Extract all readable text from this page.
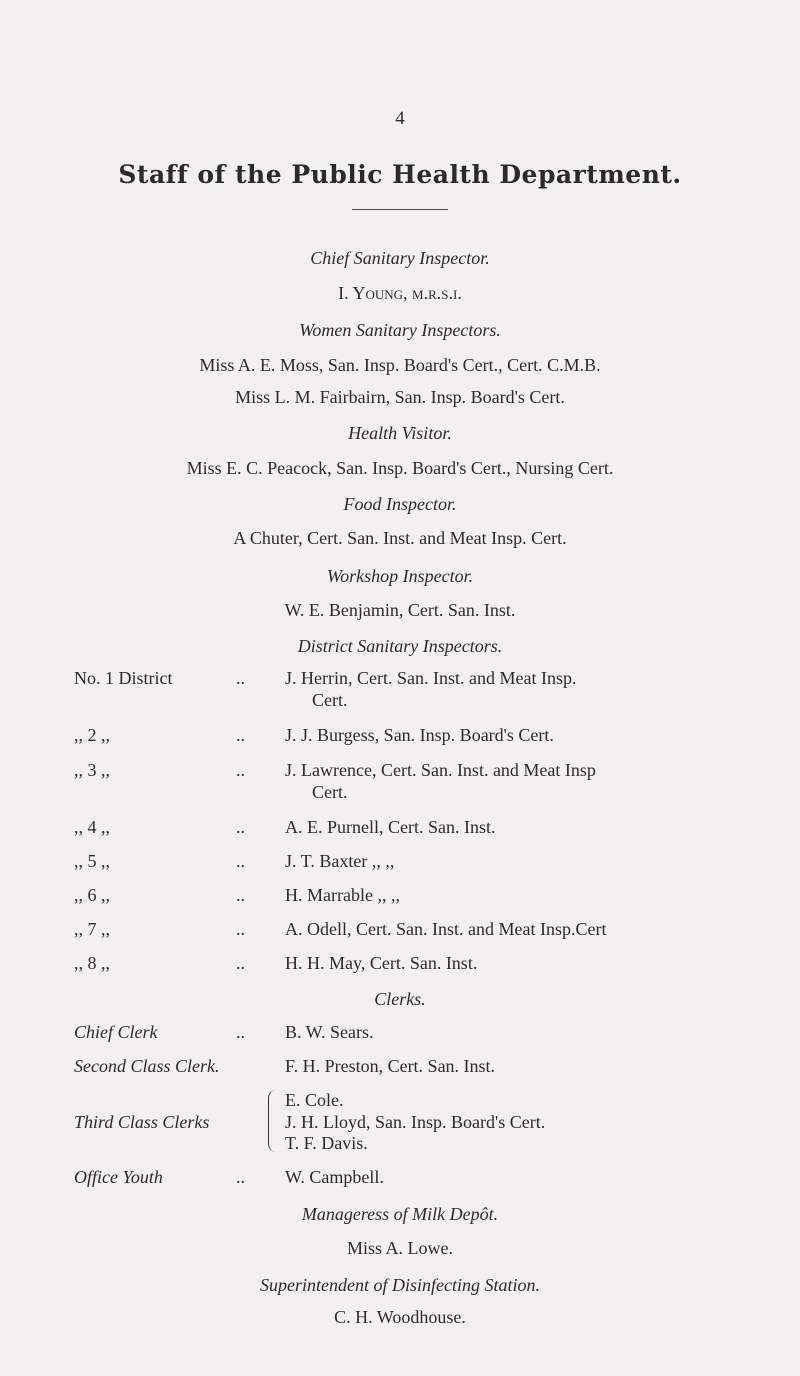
4
Staff of the Public Health Department.
Chief Sanitary Inspector.
I. Young, m.r.s.i.
Women Sanitary Inspectors.
Miss A. E. Moss, San. Insp. Board's Cert., Cert. C.M.B.
Miss L. M. Fairbairn, San. Insp. Board's Cert.
Health Visitor.
Miss E. C. Peacock, San. Insp. Board's Cert., Nursing Cert.
Food Inspector.
A Chuter, Cert. San. Inst. and Meat Insp. Cert.
Workshop Inspector.
W. E. Benjamin, Cert. San. Inst.
District Sanitary Inspectors.
No. 1 District	.. J. Herrin, Cert. San. Inst. and Meat Insp.
Cert.
,, 2 ,,	.. J. J. Burgess, San. Insp. Board's Cert.
,, 3 ,,	.. J. Lawrence, Cert. San. Inst. and Meat Insp
Cert.
,, 4 ,,	.. A. E. Purnell, Cert. San. Inst.
,, 5 ,,	.. J. T. Baxter ,, ,,
,, 6 ,,	.. H. Marrable ,, ,,
,, 7 ,,	.. A. Odell, Cert. San. Inst. and Meat Insp.Cert
,, 8 ,,	.. H. H. May, Cert. San. Inst.
Clerks.
Chief Clerk	.. B. W. Sears.
Second Class Clerk.	F. H. Preston, Cert. San. Inst.
Third Class Clerks
E. Cole.
J. H. Lloyd, San. Insp. Board's Cert.
T. F. Davis.
Office Youth	.. W. Campbell.
Manageress of Milk Depôt.
Miss A. Lowe.
Superintendent of Disinfecting Station.
C. H. Woodhouse.
